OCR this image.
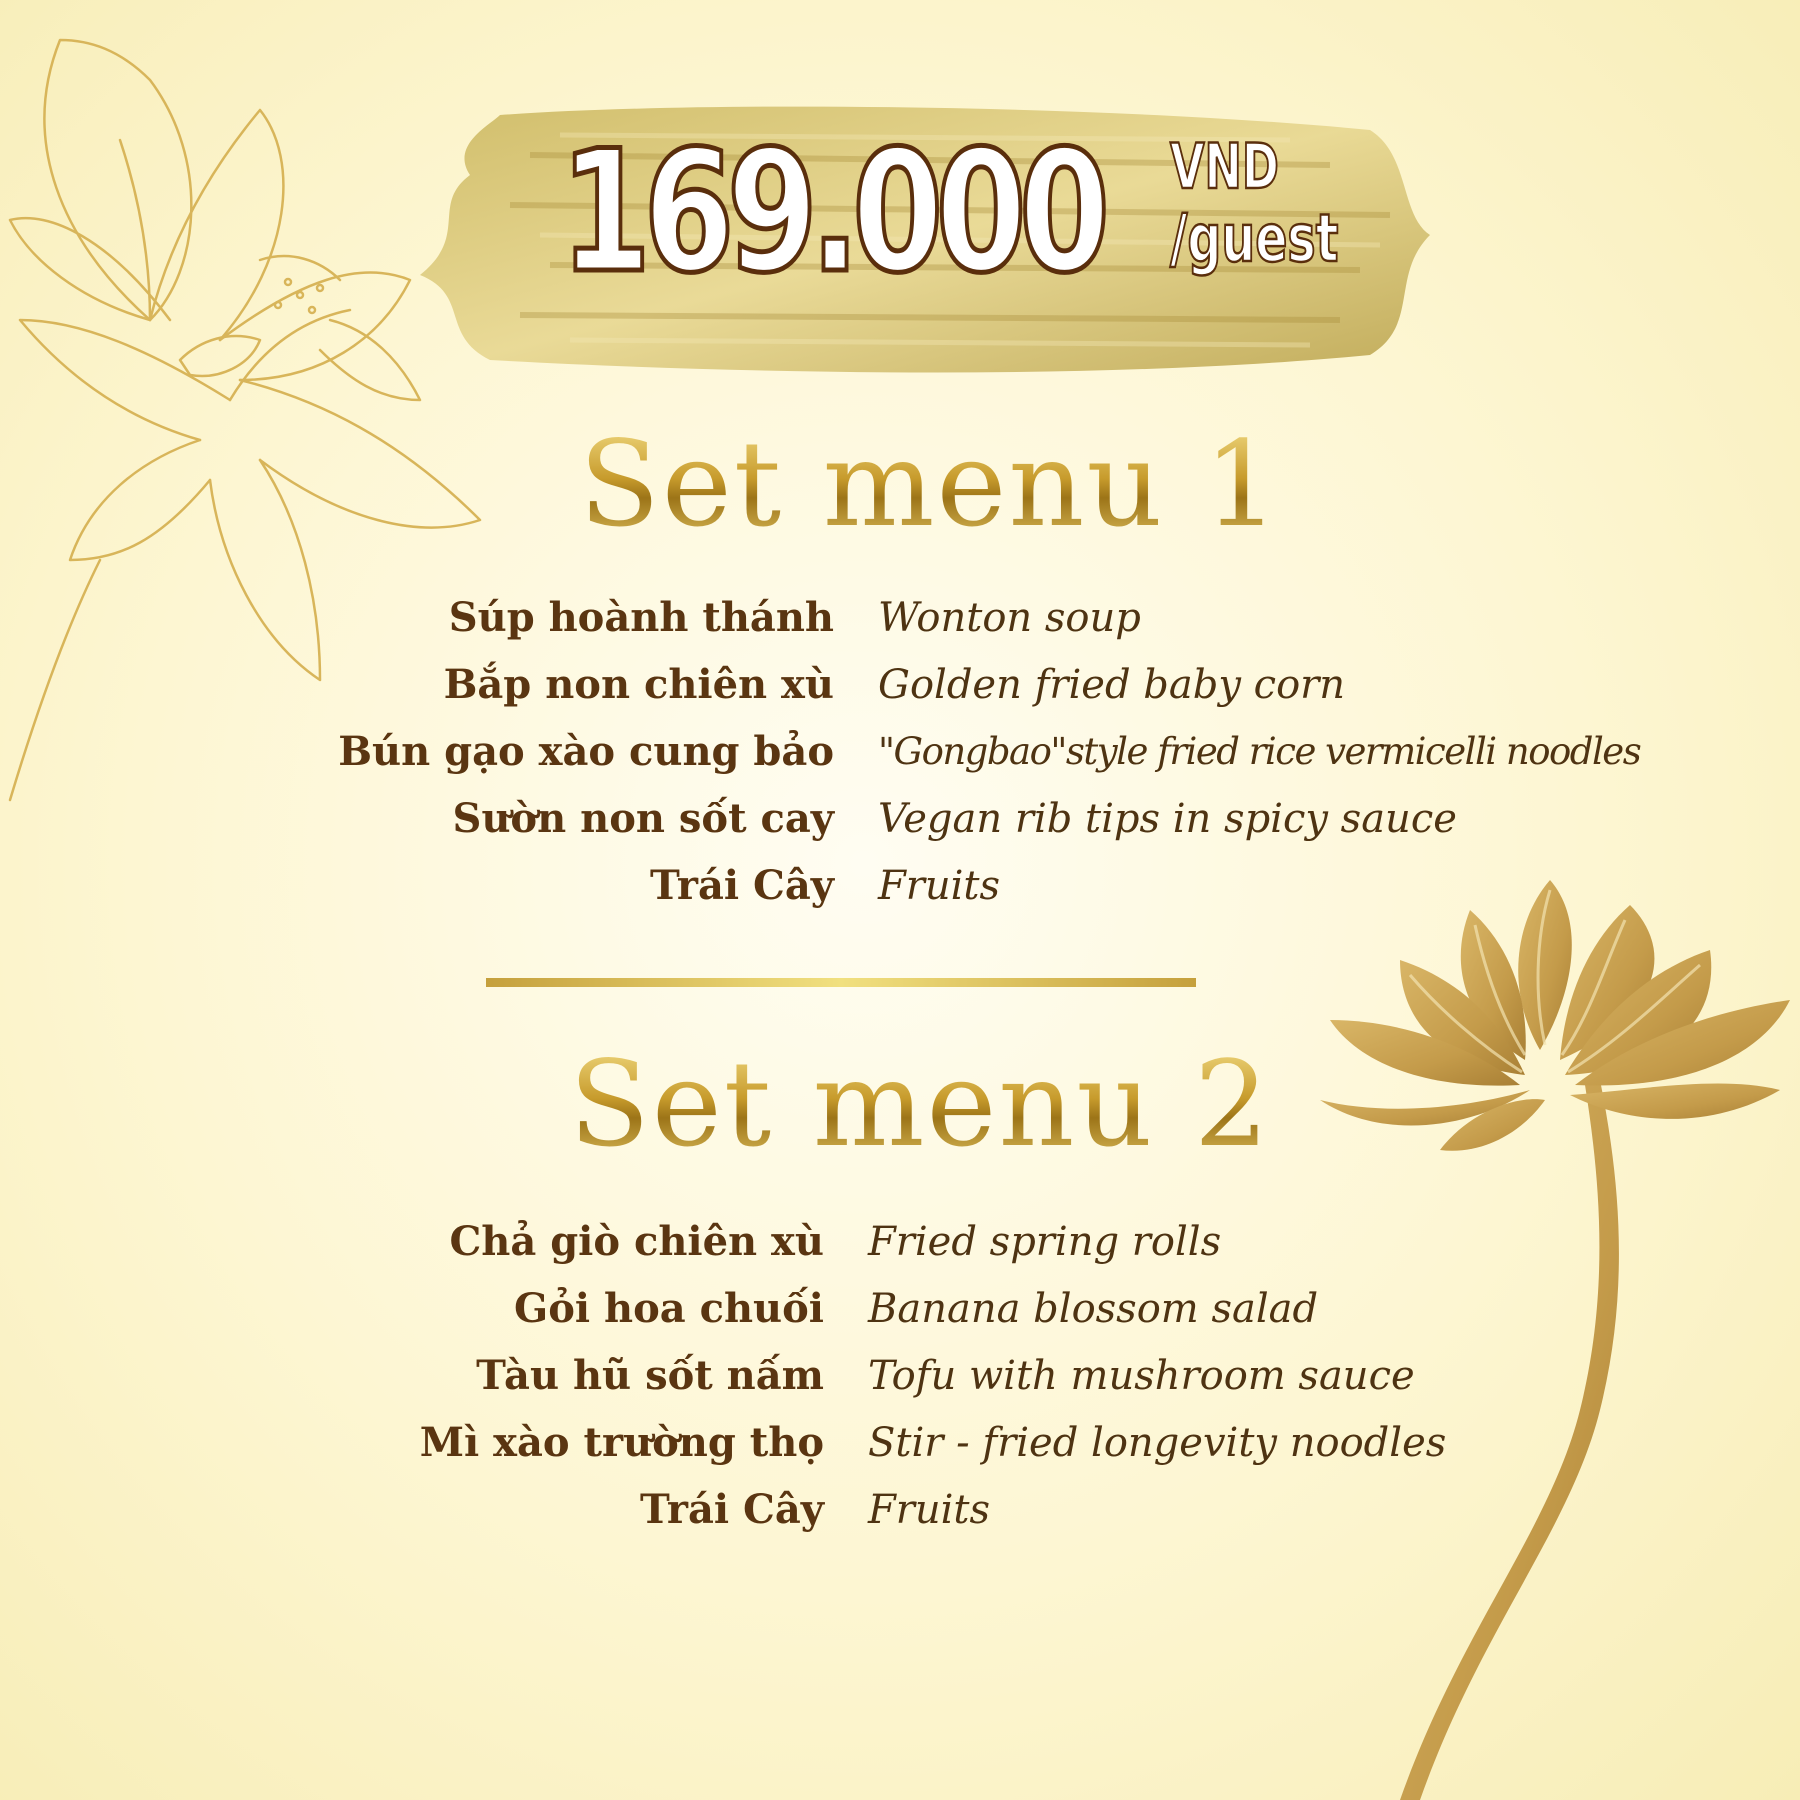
169.000 VND
/guest
Set menu 1
Súp hoành thánh Wonton soup
Bắp non chiên xù Golden fried baby corn
Bún gạo xào cung bảo "Gongbao"style fried rice vermicelli noodles
Sườn non sốt cay Vegan rib tips in spicy sauce
Trái Cây Fruits
Set menu 2
Chả giò chiên xù Fried spring rolls
Gỏi hoa chuối Banana blossom salad
Tàu hũ sốt nấm Tofu with mushroom sauce
Mì xào trường thọ Stir - fried longevity noodles
Trái Cây Fruits
